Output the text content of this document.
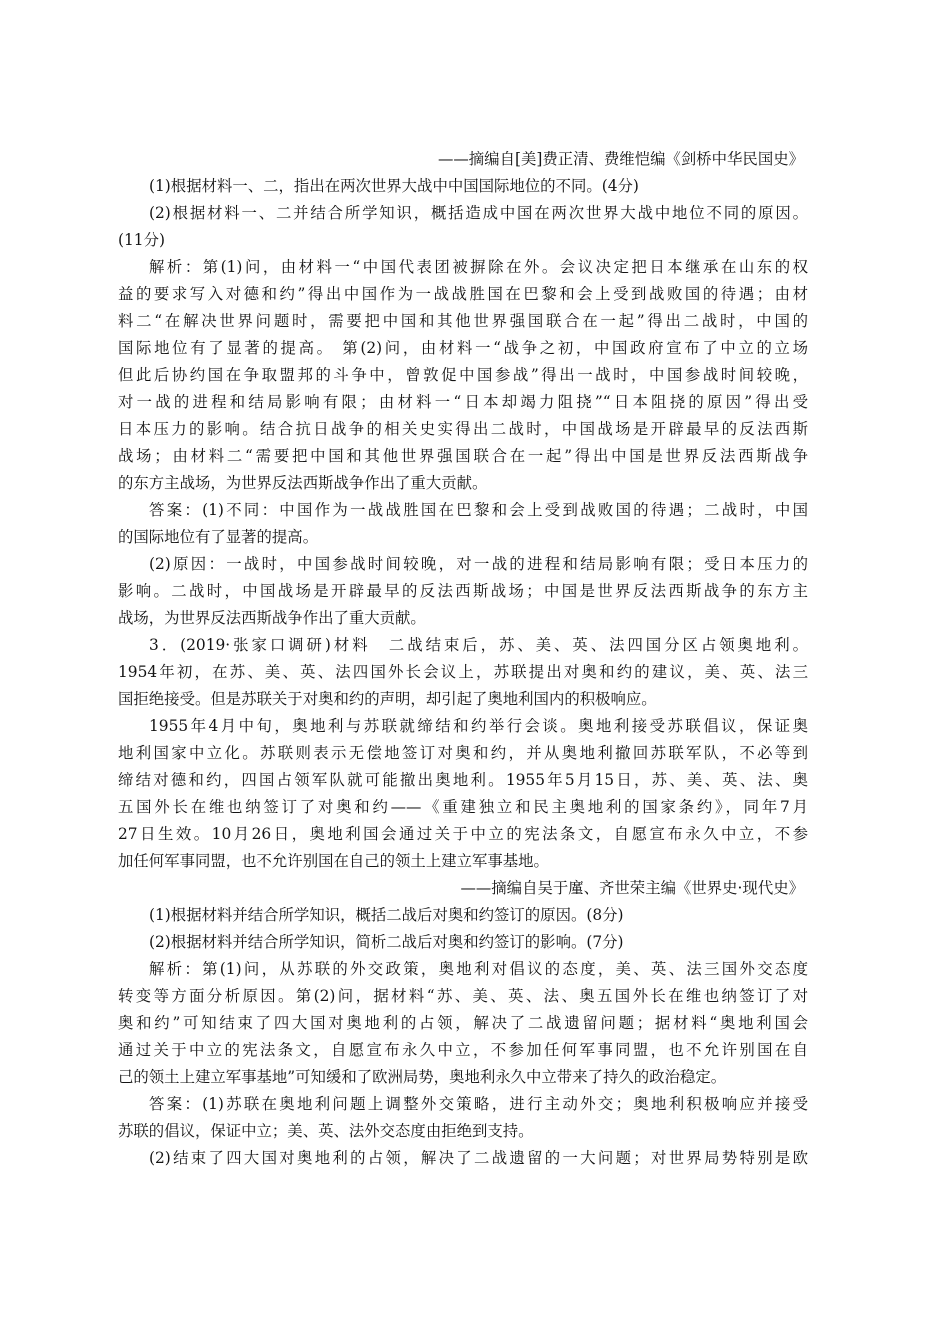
——摘编自[美]费正清、费维恺编《剑桥中华民国史》
(1)根据材料一、二，指出在两次世界大战中中国国际地位的不同。(4分)
(2)根据材料一、二并结合所学知识，概括造成中国在两次世界大战中地位不同的原因。
(11分)
解析：第(1)问，由材料一“中国代表团被摒除在外。会议决定把日本继承在山东的权
益的要求写入对德和约”得出中国作为一战战胜国在巴黎和会上受到战败国的待遇；由材
料二“在解决世界问题时，需要把中国和其他世界强国联合在一起”得出二战时，中国的
国际地位有了显著的提高。 第(2)问，由材料一“战争之初，中国政府宣布了中立的立场
但此后协约国在争取盟邦的斗争中，曾敦促中国参战”得出一战时，中国参战时间较晚，
对一战的进程和结局影响有限；由材料一“日本却竭力阻挠”“日本阻挠的原因”得出受
日本压力的影响。结合抗日战争的相关史实得出二战时，中国战场是开辟最早的反法西斯
战场；由材料二“需要把中国和其他世界强国联合在一起”得出中国是世界反法西斯战争
的东方主战场，为世界反法西斯战争作出了重大贡献。
答案：(1)不同：中国作为一战战胜国在巴黎和会上受到战败国的待遇；二战时，中国
的国际地位有了显著的提高。
(2)原因：一战时，中国参战时间较晚，对一战的进程和结局影响有限；受日本压力的
影响。二战时，中国战场是开辟最早的反法西斯战场；中国是世界反法西斯战争的东方主
战场，为世界反法西斯战争作出了重大贡献。
3．(2019·张家口调研)材料　二战结束后，苏、美、英、法四国分区占领奥地利。
1954年初，在苏、美、英、法四国外长会议上，苏联提出对奥和约的建议，美、英、法三
国拒绝接受。但是苏联关于对奥和约的声明，却引起了奥地利国内的积极响应。
1955年4月中旬，奥地利与苏联就缔结和约举行会谈。奥地利接受苏联倡议，保证奥
地利国家中立化。苏联则表示无偿地签订对奥和约，并从奥地利撤回苏联军队，不必等到
缔结对德和约，四国占领军队就可能撤出奥地利。1955年5月15日，苏、美、英、法、奥
五国外长在维也纳签订了对奥和约——《重建独立和民主奥地利的国家条约》，同年7月
27日生效。10月26日，奥地利国会通过关于中立的宪法条文，自愿宣布永久中立，不参
加任何军事同盟，也不允许别国在自己的领土上建立军事基地。
——摘编自吴于廑、齐世荣主编《世界史·现代史》
(1)根据材料并结合所学知识，概括二战后对奥和约签订的原因。(8分)
(2)根据材料并结合所学知识，简析二战后对奥和约签订的影响。(7分)
解析：第(1)问，从苏联的外交政策，奥地利对倡议的态度，美、英、法三国外交态度
转变等方面分析原因。第(2)问，据材料“苏、美、英、法、奥五国外长在维也纳签订了对
奥和约”可知结束了四大国对奥地利的占领，解决了二战遗留问题；据材料“奥地利国会
通过关于中立的宪法条文，自愿宣布永久中立，不参加任何军事同盟，也不允许别国在自
己的领土上建立军事基地”可知缓和了欧洲局势，奥地利永久中立带来了持久的政治稳定。
答案：(1)苏联在奥地利问题上调整外交策略，进行主动外交；奥地利积极响应并接受
苏联的倡议，保证中立；美、英、法外交态度由拒绝到支持。
(2)结束了四大国对奥地利的占领，解决了二战遗留的一大问题；对世界局势特别是欧
